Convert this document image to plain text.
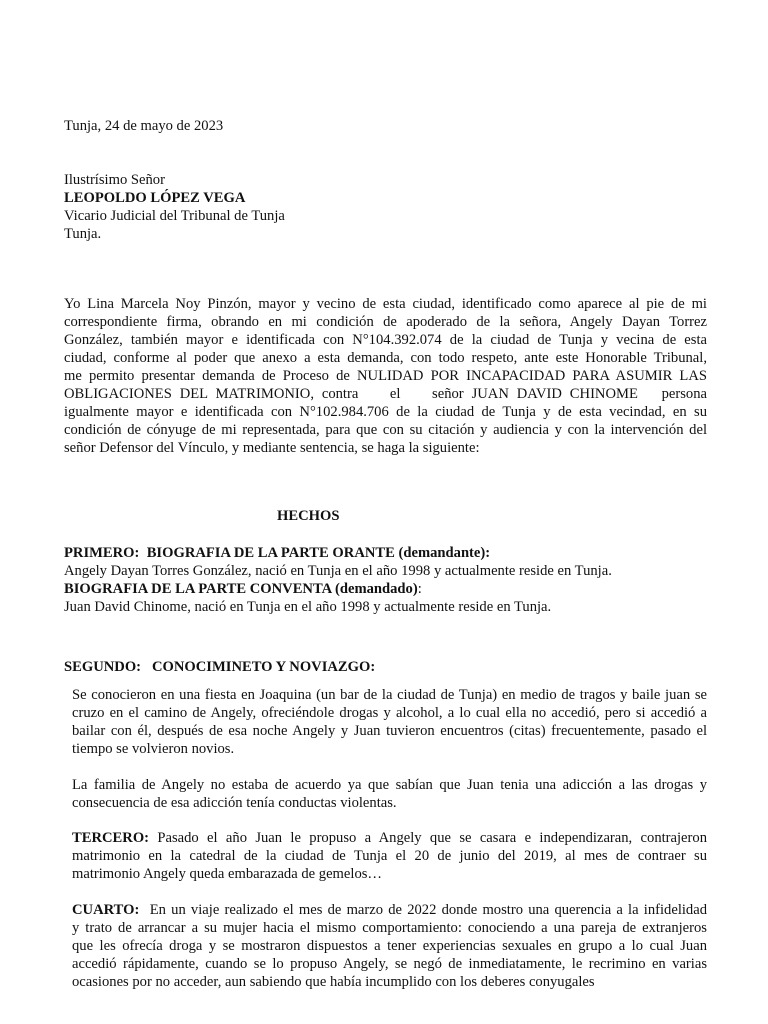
Tunja, 24 de mayo de 2023
Ilustrísimo Señor
LEOPOLDO LÓPEZ VEGA
Vicario Judicial del Tribunal de Tunja
Tunja.
Yo Lina Marcela Noy Pinzón, mayor y vecino de esta ciudad, identificado como aparece al pie de mi
correspondiente firma, obrando en mi condición de apoderado de la señora, Angely Dayan Torrez
González, también mayor e identificada con N°104.392.074 de la ciudad de Tunja y vecina de esta
ciudad, conforme al poder que anexo a esta demanda, con todo respeto, ante este Honorable Tribunal,
me permito presentar demanda de Proceso de NULIDAD POR INCAPACIDAD PARA ASUMIR LAS
OBLIGACIONES DEL MATRIMONIO, contra    el    señor JUAN DAVID CHINOME   persona
igualmente mayor e identificada con N°102.984.706 de la ciudad de Tunja y de esta vecindad, en su
condición de cónyuge de mi representada, para que con su citación y audiencia y con la intervención del
señor Defensor del Vínculo, y mediante sentencia, se haga la siguiente:
HECHOS
PRIMERO: BIOGRAFIA DE LA PARTE ORANTE (demandante):
Angely Dayan Torres González, nació en Tunja en el año 1998 y actualmente reside en Tunja.
BIOGRAFIA DE LA PARTE CONVENTA (demandado):
Juan David Chinome, nació en Tunja en el año 1998 y actualmente reside en Tunja.
SEGUNDO: CONOCIMINETO Y NOVIAZGO:
Se conocieron en una fiesta en Joaquina (un bar de la ciudad de Tunja) en medio de tragos y baile juan se
cruzo en el camino de Angely, ofreciéndole drogas y alcohol, a lo cual ella no accedió, pero si accedió a
bailar con él, después de esa noche Angely y Juan tuvieron encuentros (citas) frecuentemente, pasado el
tiempo se volvieron novios.
La familia de Angely no estaba de acuerdo ya que sabían que Juan tenia una adicción a las drogas y
consecuencia de esa adicción tenía conductas violentas.
TERCERO: Pasado el año Juan le propuso a Angely que se casara e independizaran, contrajeron
matrimonio en la catedral de la ciudad de Tunja el 20 de junio del 2019, al mes de contraer su
matrimonio Angely queda embarazada de gemelos…
CUARTO: En un viaje realizado el mes de marzo de 2022 donde mostro una querencia a la infidelidad
y trato de arrancar a su mujer hacia el mismo comportamiento: conociendo a una pareja de extranjeros
que les ofrecía droga y se mostraron dispuestos a tener experiencias sexuales en grupo a lo cual Juan
accedió rápidamente, cuando se lo propuso Angely, se negó de inmediatamente, le recrimino en varias
ocasiones por no acceder, aun sabiendo que había incumplido con los deberes conyugales
